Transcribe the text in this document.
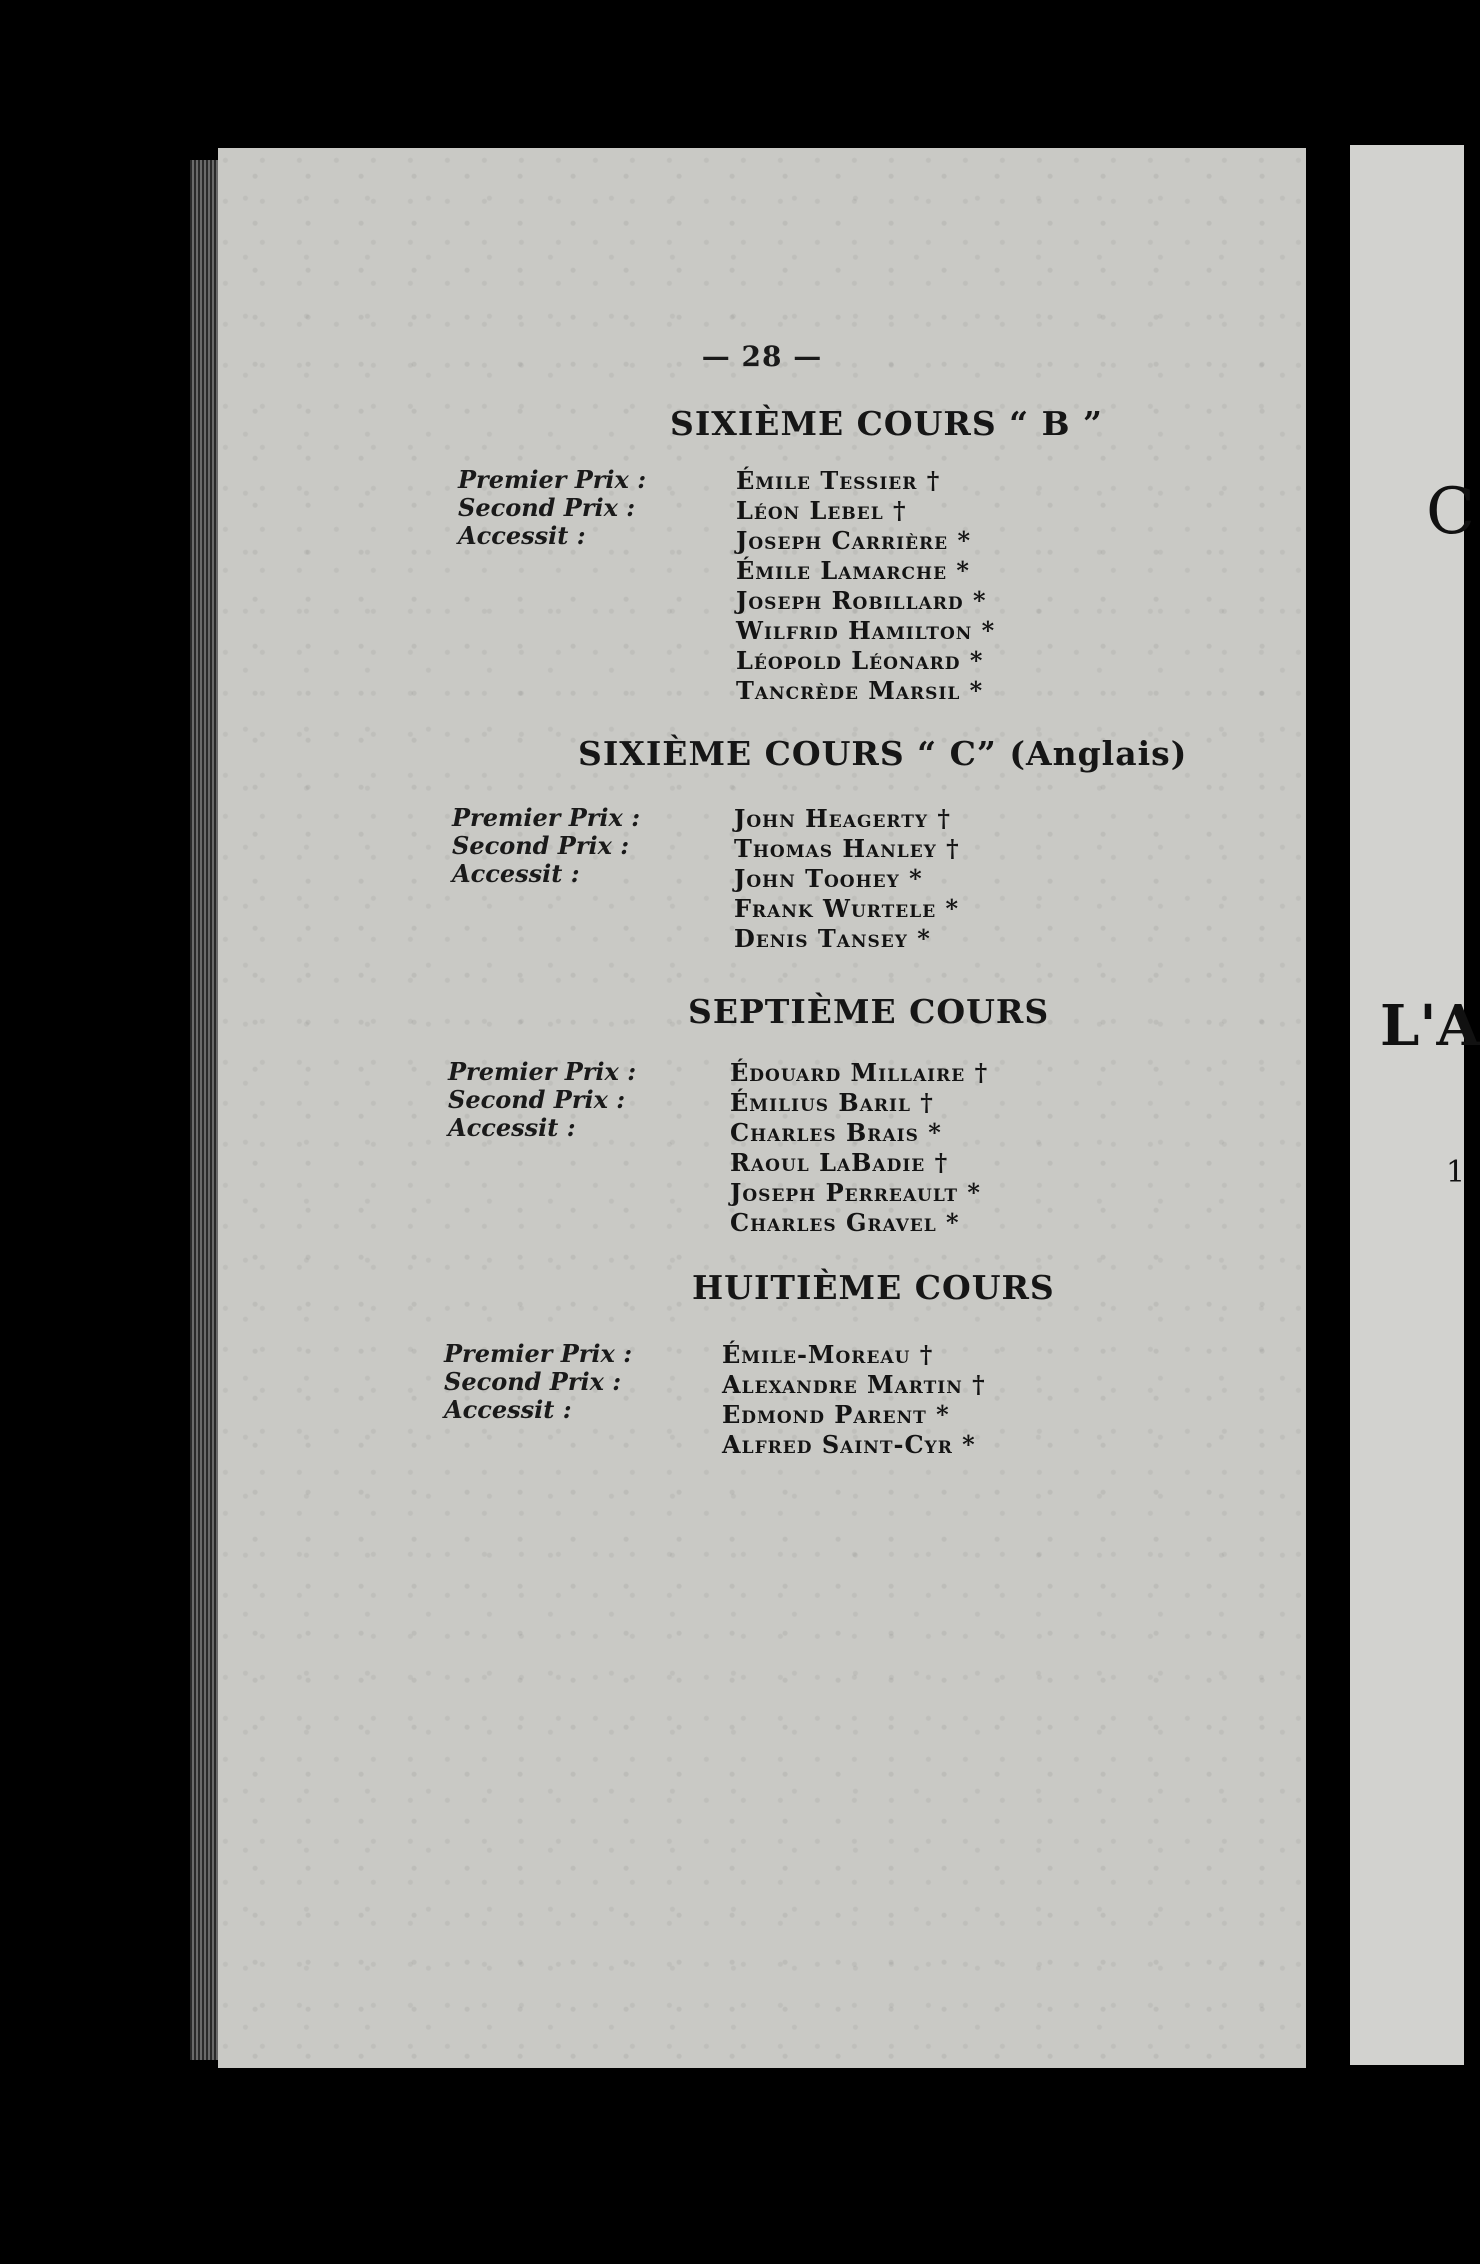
— 28 —
SIXIÈME COURS “ B ”
Premier Prix :
Second Prix :
Accessit :
Émile Tessier †
Léon Lebel †
Joseph Carrière *
Émile Lamarche *
Joseph Robillard *
Wilfrid Hamilton *
Léopold Léonard *
Tancrède Marsil *
SIXIÈME COURS “ C” (Anglais)
Premier Prix :
Second Prix :
Accessit :
John Heagerty †
Thomas Hanley †
John Toohey *
Frank Wurtele *
Denis Tansey *
SEPTIÈME COURS
Premier Prix :
Second Prix :
Accessit :
Édouard Millaire †
Émilius Baril †
Charles Brais *
Raoul LaBadie †
Joseph Perreault *
Charles Gravel *
HUITIÈME COURS
Premier Prix :
Second Prix :
Accessit :
Émile-Moreau †
Alexandre Martin †
Edmond Parent *
Alfred Saint-Cyr *
C
L'A
1
